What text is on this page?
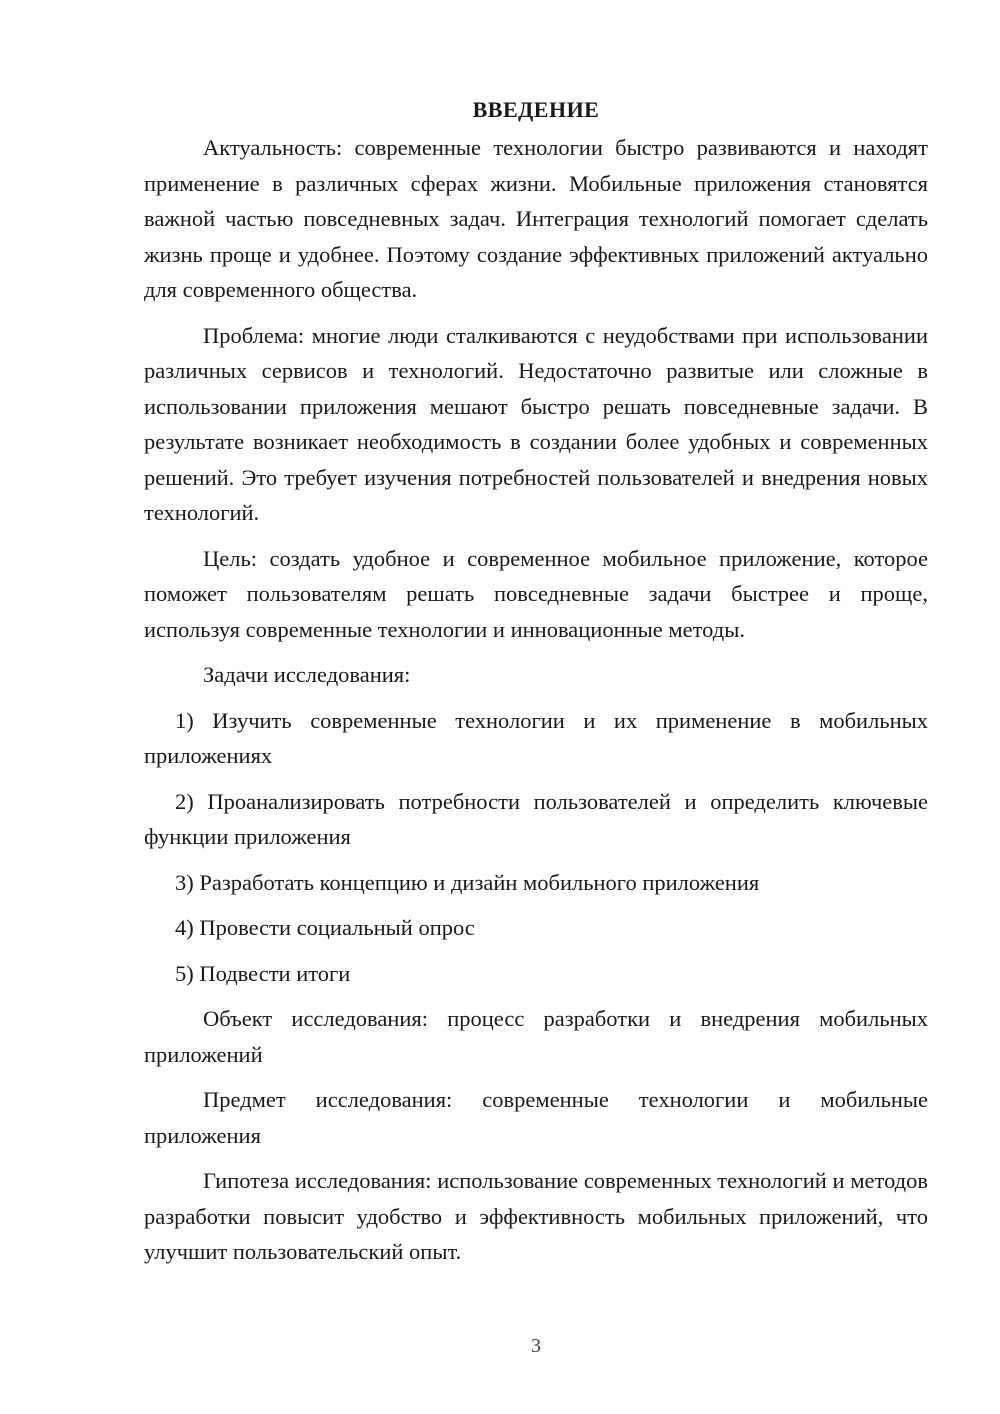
ВВЕДЕНИЕ

Актуальность: современные технологии быстро развиваются и находят применение в различных сферах жизни. Мобильные приложения становятся важной частью повседневных задач. Интеграция технологий помогает сделать жизнь проще и удобнее. Поэтому создание эффективных приложений актуально для современного общества.

Проблема: многие люди сталкиваются с неудобствами при использовании различных сервисов и технологий. Недостаточно развитые или сложные в использовании приложения мешают быстро решать повседневные задачи. В результате возникает необходимость в создании более удобных и современных решений. Это требует изучения потребностей пользователей и внедрения новых технологий.

Цель: создать удобное и современное мобильное приложение, которое поможет пользователям решать повседневные задачи быстрее и проще, используя современные технологии и инновационные методы.

Задачи исследования:

1) Изучить современные технологии и их применение в мобильных приложениях

2) Проанализировать потребности пользователей и определить ключевые функции приложения

3) Разработать концепцию и дизайн мобильного приложения

4) Провести социальный опрос

5) Подвести итоги

Объект исследования: процесс разработки и внедрения мобильных приложений

Предмет исследования: современные технологии и мобильные приложения

Гипотеза исследования: использование современных технологий и методов разработки повысит удобство и эффективность мобильных приложений, что улучшит пользовательский опыт.

3
